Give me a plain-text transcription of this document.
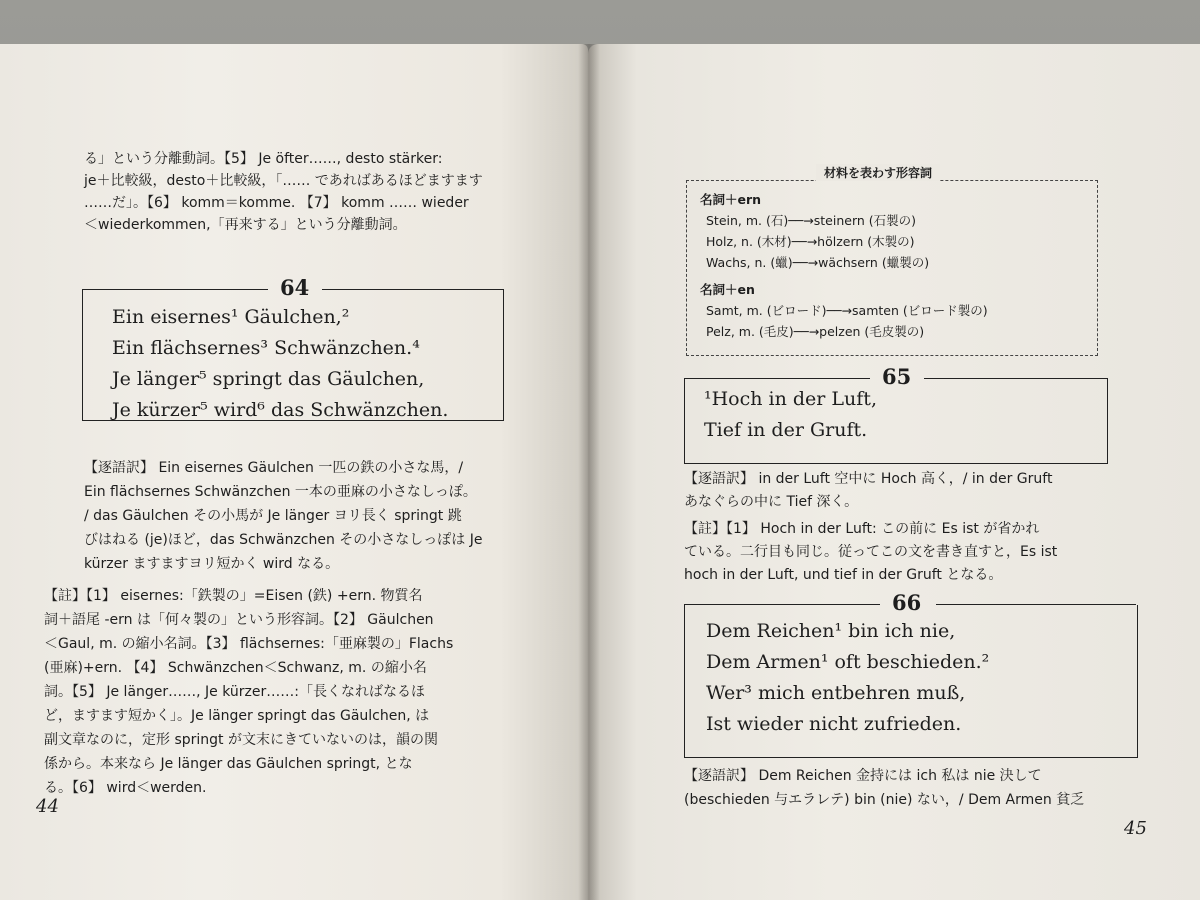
る」という分離動詞。【5】 Je öfter……, desto stärker:

je＋比較級，desto＋比較級，「…… であればあるほどますます

……だ」。【6】 komm＝komme. 【7】 komm …… wieder

＜wiederkommen,「再来する」という分離動詞。

64

Ein eisernes¹ Gäulchen,²

Ein flächsernes³ Schwänzchen.⁴

Je länger⁵ springt das Gäulchen,

Je kürzer⁵ wird⁶ das Schwänzchen.

【逐語訳】 Ein eisernes Gäulchen 一匹の鉄の小さな馬，/

Ein flächsernes Schwänzchen 一本の亜麻の小さなしっぽ。

/ das Gäulchen その小馬が Je länger ヨリ長く springt 跳

びはねる (je)ほど，das Schwänzchen その小さなしっぽは Je

kürzer ますますヨリ短かく wird なる。

【註】【1】 eisernes:「鉄製の」=Eisen (鉄) +ern. 物質名

詞＋語尾 -ern は「何々製の」という形容詞。【2】 Gäulchen

＜Gaul, m. の縮小名詞。【3】 flächsernes:「亜麻製の」Flachs

(亜麻)+ern. 【4】 Schwänzchen＜Schwanz, m. の縮小名

詞。【5】 Je länger……, Je kürzer……:「長くなればなるほ

ど，ますます短かく」。Je länger springt das Gäulchen, は

副文章なのに，定形 springt が文末にきていないのは，韻の関

係から。本来なら Je länger das Gäulchen springt, とな

る。【6】 wird＜werden.

44
材料を表わす形容詞

名詞＋ern

Stein, m. (石)──→steinern (石製の)

Holz, n. (木材)──→hölzern (木製の)

Wachs, n. (蠟)──→wächsern (蠟製の)

名詞＋en

Samt, m. (ビロード)──→samten (ビロード製の)

Pelz, m. (毛皮)──→pelzen (毛皮製の)

65

¹Hoch in der Luft,

Tief in der Gruft.

【逐語訳】 in der Luft 空中に Hoch 高く，/ in der Gruft

あなぐらの中に Tief 深く。

【註】【1】 Hoch in der Luft: この前に Es ist が省かれ

ている。二行目も同じ。従ってこの文を書き直すと，Es ist

hoch in der Luft, und tief in der Gruft となる。

66

Dem Reichen¹ bin ich nie,

Dem Armen¹ oft beschieden.²

Wer³ mich entbehren muß,

Ist wieder nicht zufrieden.

【逐語訳】 Dem Reichen 金持には ich 私は nie 決して

(beschieden 与エラレテ) bin (nie) ない，/ Dem Armen 貧乏

45
